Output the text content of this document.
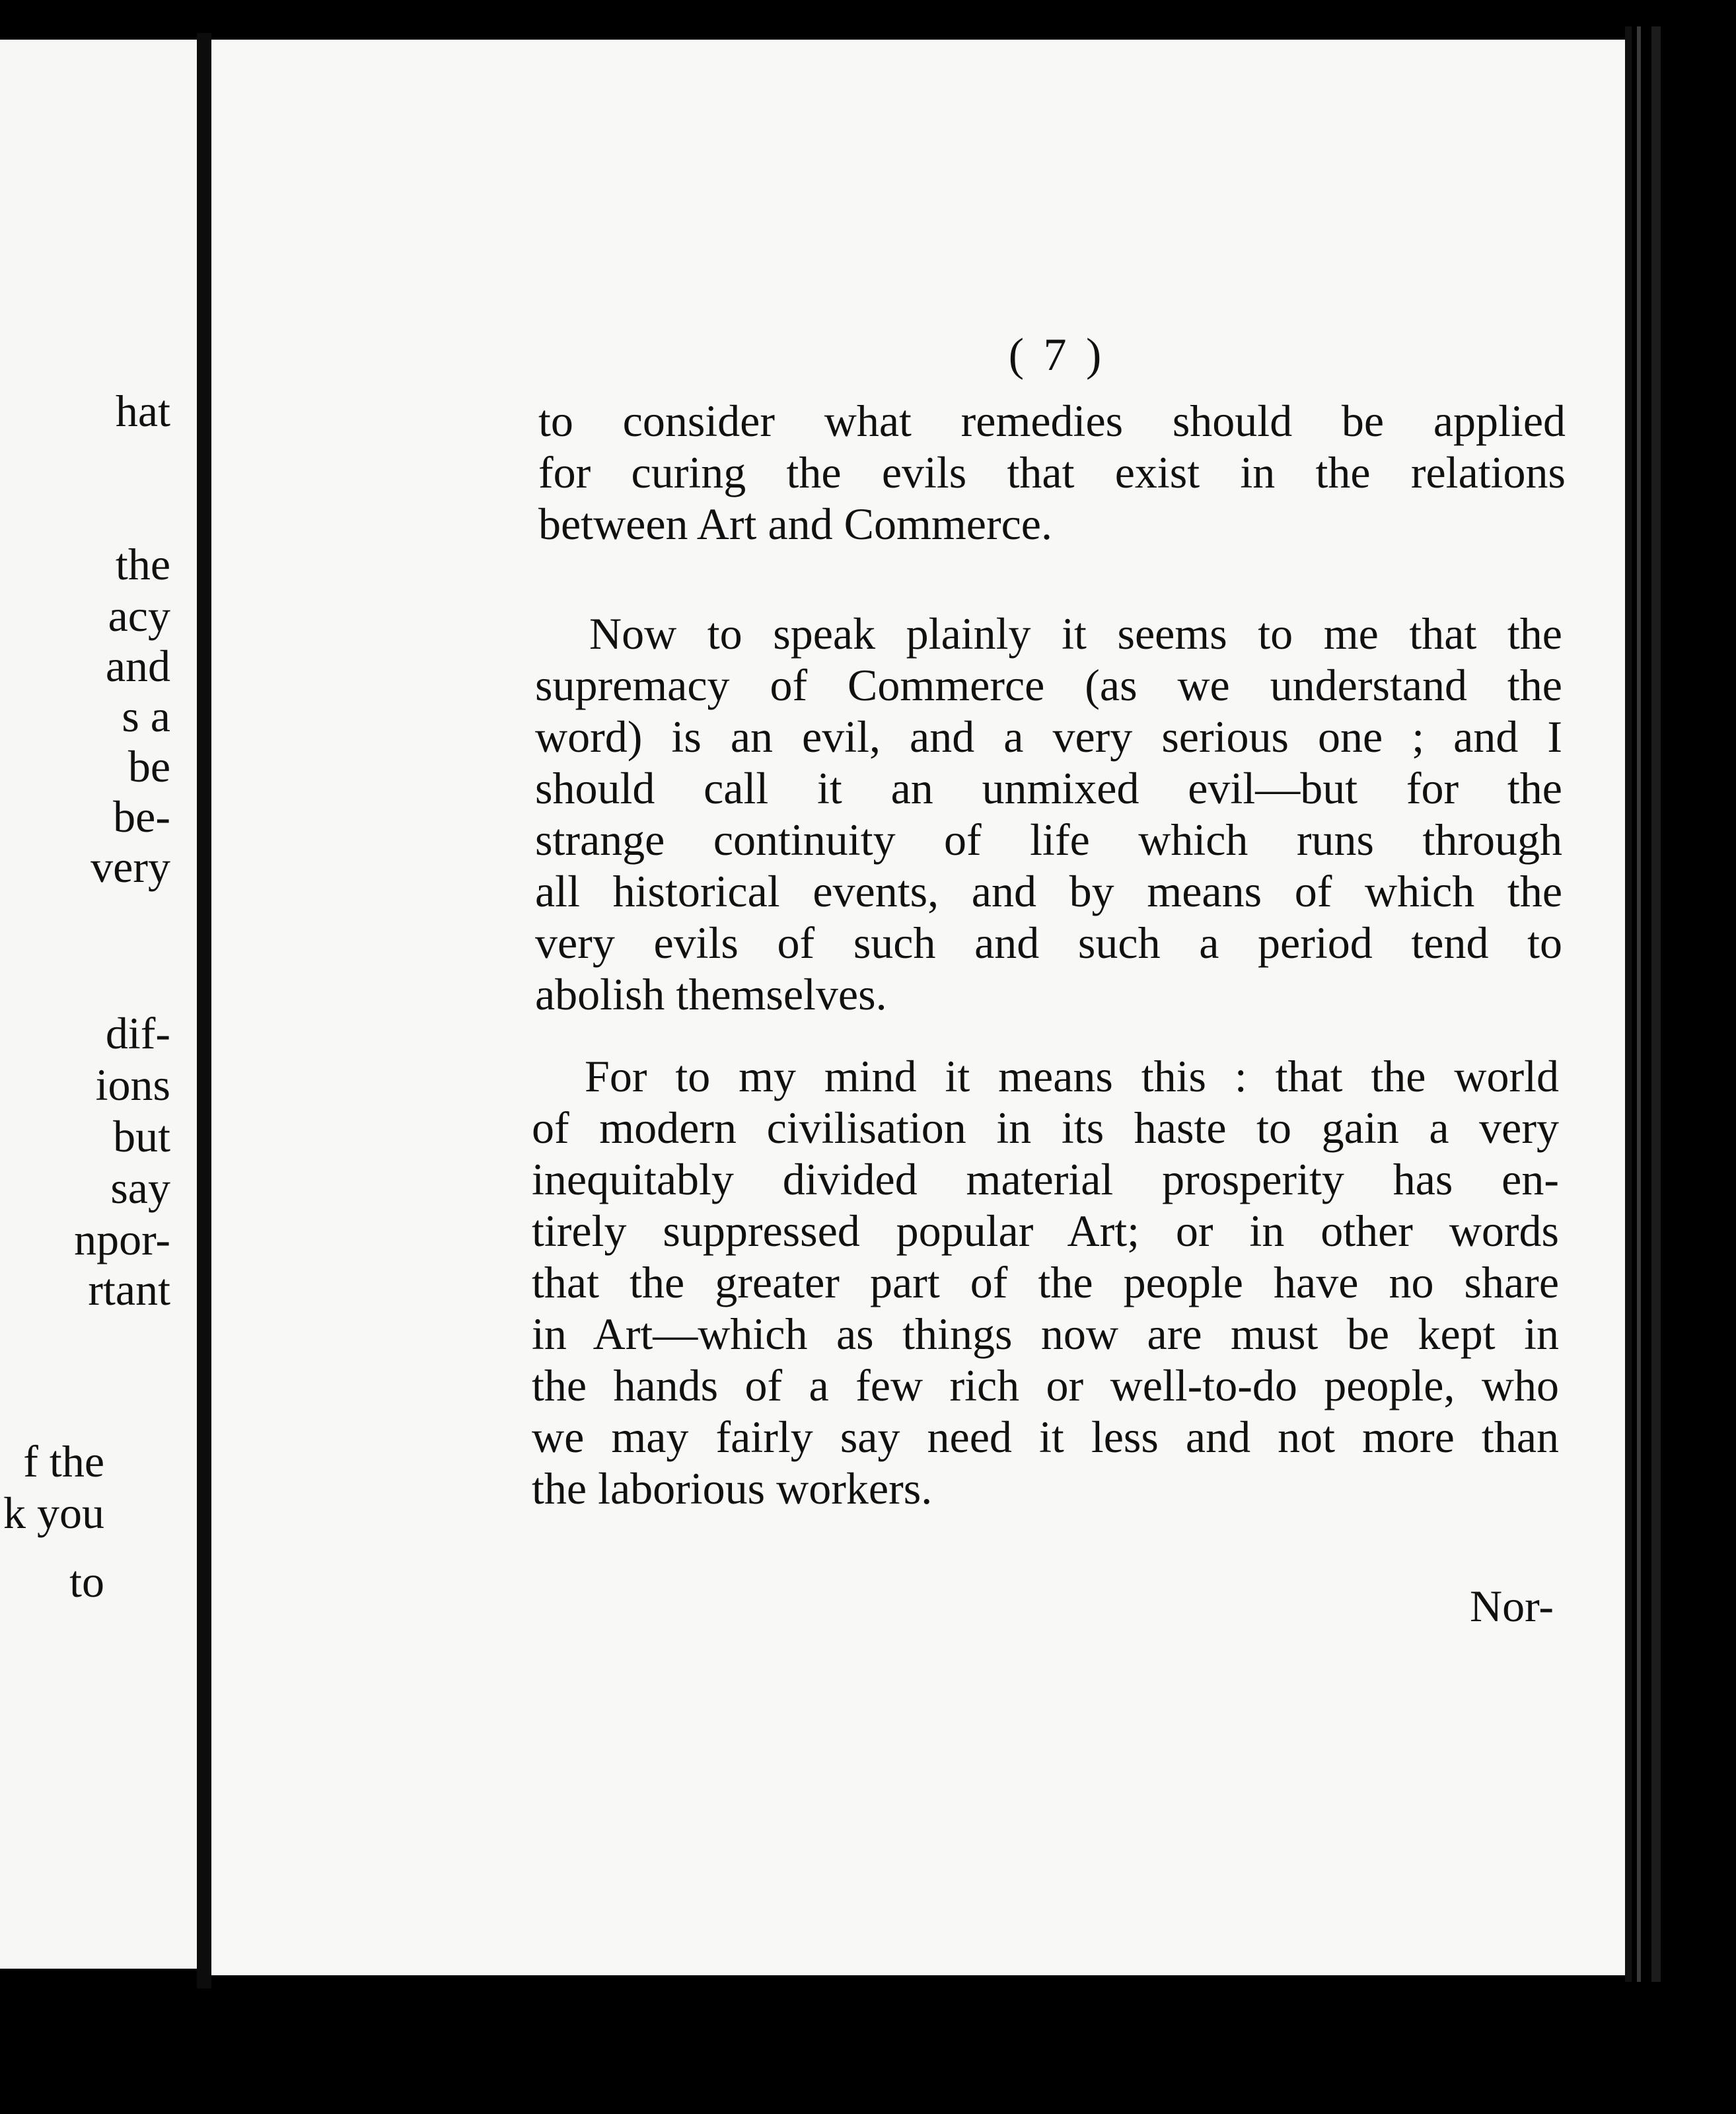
hat
the
acy
and
s a
be
be-
very
dif-
ions
but
say
npor-
rtant
f the
k you
to
( 7 )
to consider what remedies should be applied
for curing the evils that exist in the relations
between Art and Commerce.
Now to speak plainly it seems to me that the
supremacy of Commerce (as we understand the
word) is an evil, and a very serious one ; and I
should call it an unmixed evil—but for the
strange continuity of life which runs through
all historical events, and by means of which the
very evils of such and such a period tend to
abolish themselves.
For to my mind it means this : that the world
of modern civilisation in its haste to gain a very
inequitably divided material prosperity has en-
tirely suppressed popular Art; or in other words
that the greater part of the people have no share
in Art—which as things now are must be kept in
the hands of a few rich or well-to-do people, who
we may fairly say need it less and not more than
the laborious workers.
Nor-
